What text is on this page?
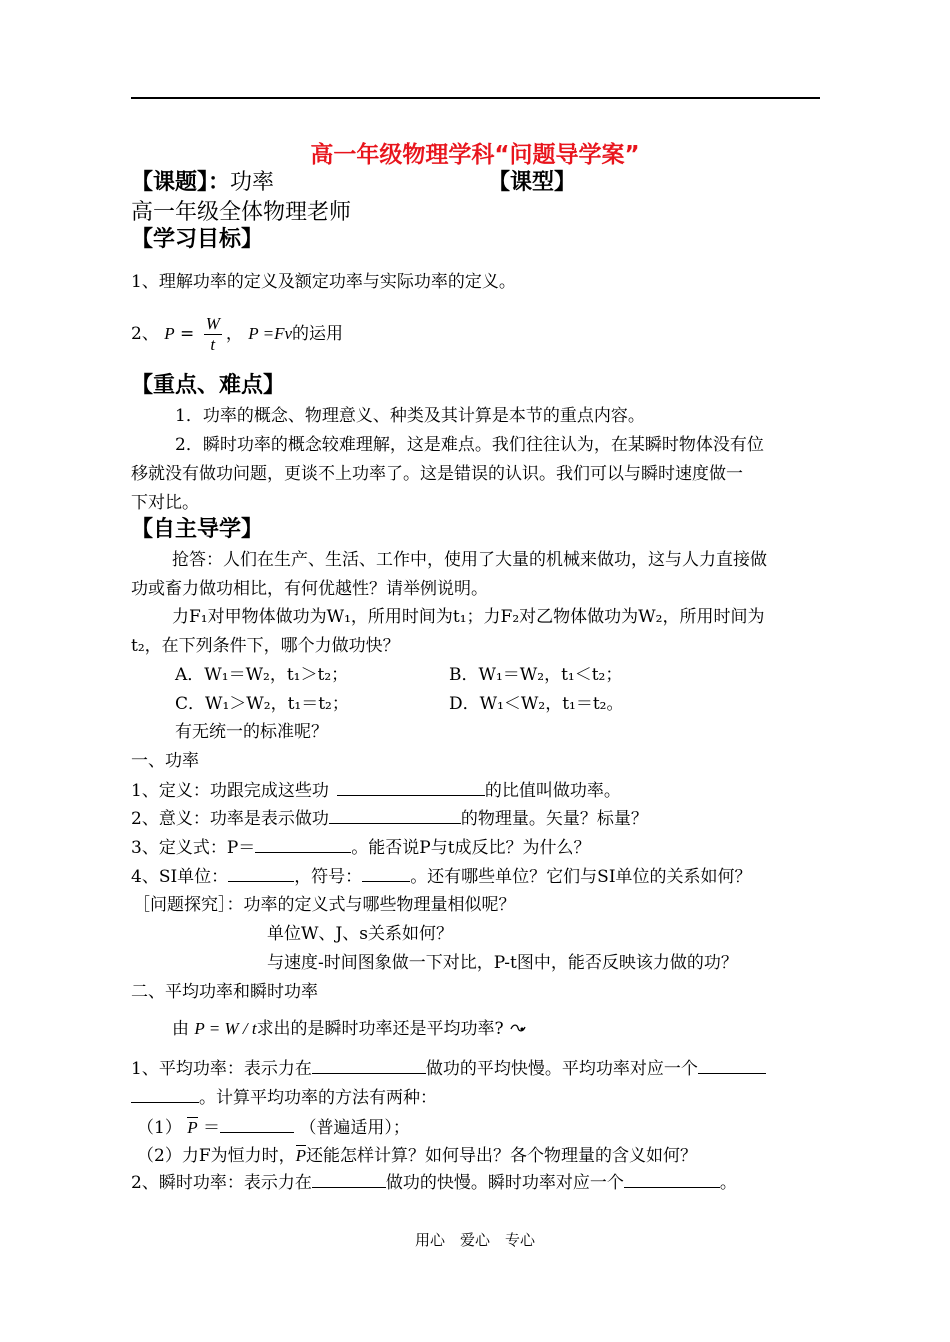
高一年级物理学科“问题导学案”
【课题】：功率	【课型】
高一年级全体物理老师
【学习目标】
1、理解功率的定义及额定功率与实际功率的定义。
2、 $P = \frac{W}{t}$ ， P =Fv的运用
【重点、难点】
1．功率的概念、物理意义、种类及其计算是本节的重点内容。
2．瞬时功率的概念较难理解，这是难点。我们往往认为，在某瞬时物体没有位
移就没有做功问题，更谈不上功率了。这是错误的认识。我们可以与瞬时速度做一
下对比。
【自主导学】
抢答：人们在生产、生活、工作中，使用了大量的机械来做功，这与人力直接做
功或畜力做功相比，有何优越性？请举例说明。
力F₁对甲物体做功为W₁，所用时间为t₁；力F₂对乙物体做功为W₂，所用时间为
t₂，在下列条件下，哪个力做功快？
A．W₁＝W₂，t₁＞t₂；	B．W₁＝W₂，t₁＜t₂；
C．W₁＞W₂，t₁＝t₂；	D．W₁＜W₂，t₁＝t₂。
有无统一的标准呢？
一、功率
1、定义：功跟完成这些功	的比值叫做功率。
2、意义：功率是表示做功	的物理量。矢量？标量？
3、定义式：P＝	。能否说P与t成反比？为什么？
4、SI单位：	，符号：	。还有哪些单位？它们与SI单位的关系如何？
［问题探究］：功率的定义式与哪些物理量相似呢？
单位W、J、s关系如何？
与速度-时间图象做一下对比，P-t图中，能否反映该力做的功？
二、平均功率和瞬时功率
由 P = W / t求出的是瞬时功率还是平均功率?
1、平均功率：表示力在	做功的平均快慢。平均功率对应一个
。计算平均功率的方法有两种：
（1） P ＝	（普遍适用）；
（2）力F为恒力时，P还能怎样计算？如何导出？各个物理量的含义如何？
2、瞬时功率：表示力在	做功的快慢。瞬时功率对应一个	。
用心　爱心　专心
